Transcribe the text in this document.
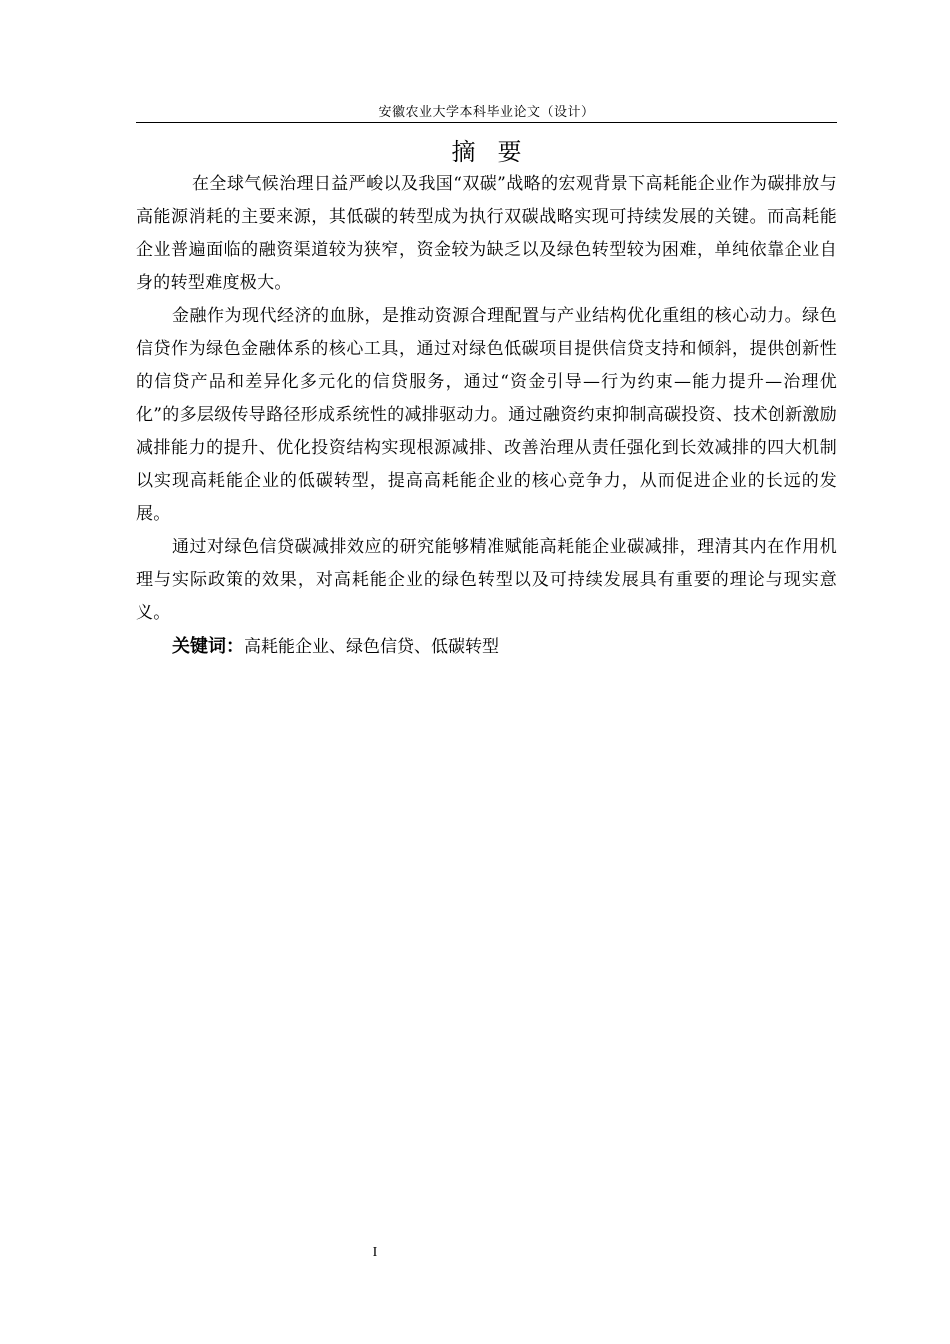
安徽农业大学本科毕业论文（设计）
摘要

在全球气候治理日益严峻以及我国“双碳”战略的宏观背景下高耗能企业作为碳排放与高能源消耗的主要来源，其低碳的转型成为执行双碳战略实现可持续发展的关键。而高耗能企业普遍面临的融资渠道较为狭窄，资金较为缺乏以及绿色转型较为困难，单纯依靠企业自身的转型难度极大。

金融作为现代经济的血脉，是推动资源合理配置与产业结构优化重组的核心动力。绿色信贷作为绿色金融体系的核心工具，通过对绿色低碳项目提供信贷支持和倾斜，提供创新性的信贷产品和差异化多元化的信贷服务，通过“资金引导—行为约束—能力提升—治理优化”的多层级传导路径形成系统性的减排驱动力。通过融资约束抑制高碳投资、技术创新激励减排能力的提升、优化投资结构实现根源减排、改善治理从责任强化到长效减排的四大机制以实现高耗能企业的低碳转型，提高高耗能企业的核心竞争力，从而促进企业的长远的发展。

通过对绿色信贷碳减排效应的研究能够精准赋能高耗能企业碳减排，理清其内在作用机理与实际政策的效果，对高耗能企业的绿色转型以及可持续发展具有重要的理论与现实意义。

关键词：高耗能企业、绿色信贷、低碳转型

I
